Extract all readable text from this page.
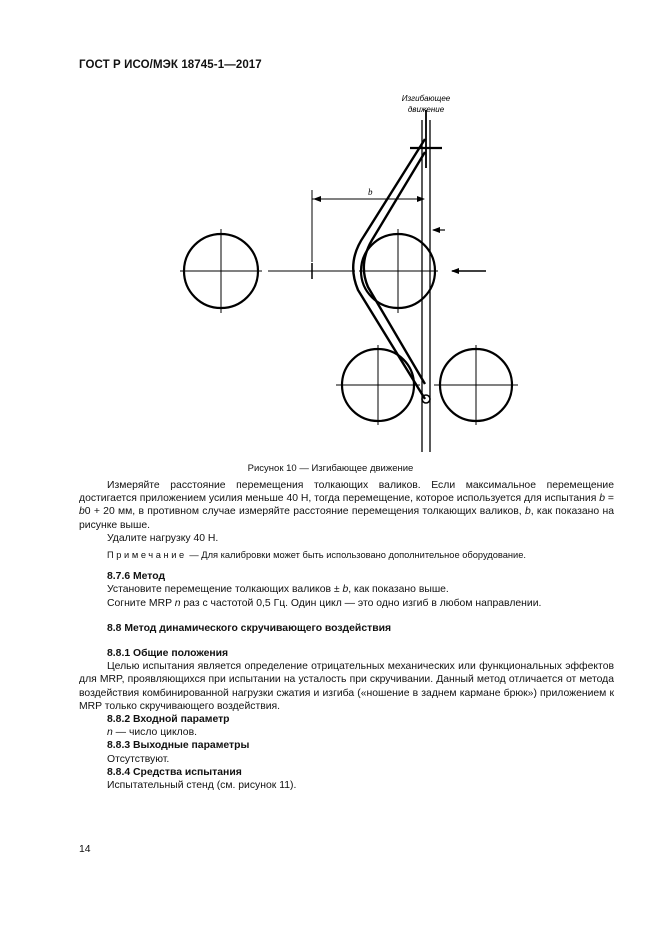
ГОСТ Р ИСО/МЭК 18745-1—2017
Изгибающее
движение
b
Рисунок 10 — Изгибающее движение

Измеряйте расстояние перемещения толкающих валиков. Если максимальное перемещение достигается приложением усилия меньше 40 Н, тогда перемещение, которое используется для испытания b = b0 + 20 мм, в противном случае измеряйте расстояние перемещения толкающих валиков, b, как показано на рисунке выше.

Удалите нагрузку 40 Н.

Примечание — Для калибровки может быть использовано дополнительное оборудование.

8.7.6 Метод

Установите перемещение толкающих валиков ± b, как показано выше.

Согните MRP n раз с частотой 0,5 Гц. Один цикл — это одно изгиб в любом направлении.

8.8 Метод динамического скручивающего воздействия

8.8.1 Общие положения

Целью испытания является определение отрицательных механических или функциональных эффектов для MRP, проявляющихся при испытании на усталость при скручивании. Данный метод отличается от метода воздействия комбинированной нагрузки сжатия и изгиба («ношение в заднем кармане брюк») приложением к MRP только скручивающего воздействия.

8.8.2 Входной параметр

n — число циклов.

8.8.3 Выходные параметры

Отсутствуют.

8.8.4 Средства испытания

Испытательный стенд (см. рисунок 11).

14
